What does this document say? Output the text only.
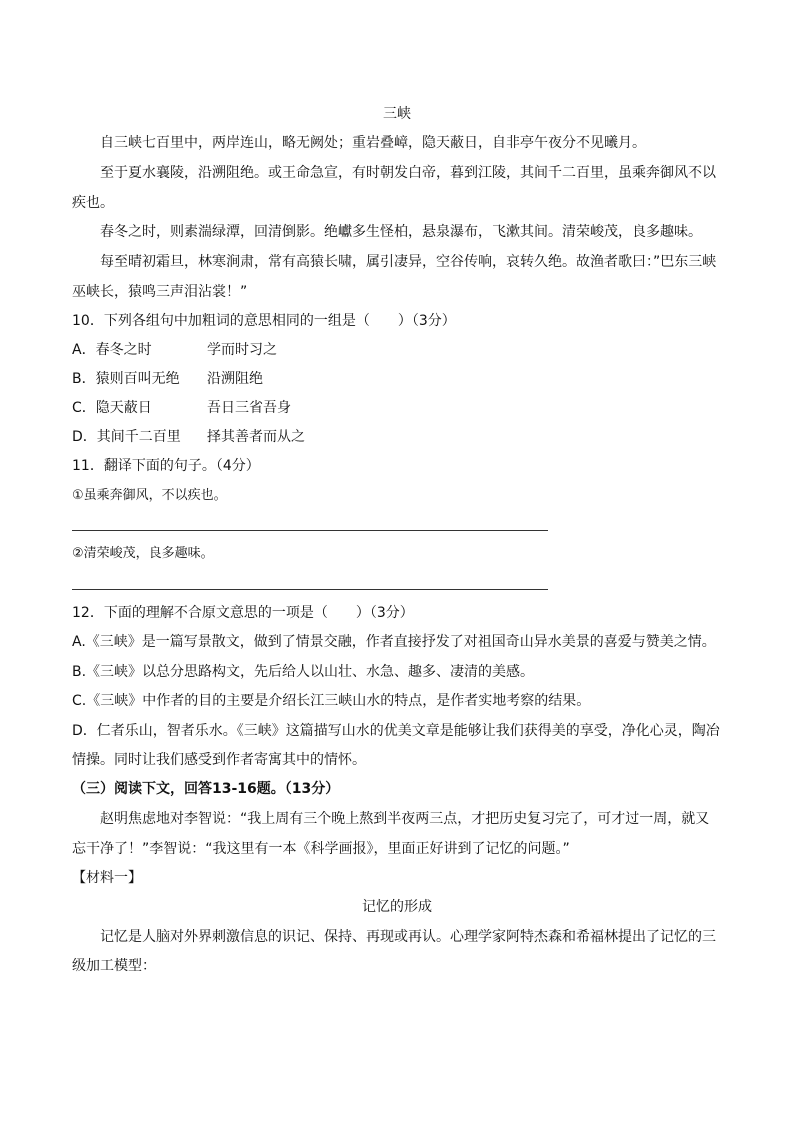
三峡
自三峡七百里中，两岸连山，略无阙处；重岩叠嶂，隐天蔽日，自非亭午夜分不见曦月。
至于夏水襄陵，沿溯阻绝。或王命急宣，有时朝发白帝，暮到江陵，其间千二百里，虽乘奔御风不以
疾也。
春冬之时，则素湍绿潭，回清倒影。绝巘多生怪柏，悬泉瀑布，飞漱其间。清荣峻茂，良多趣味。
每至晴初霜旦，林寒涧肃，常有高猿长啸，属引凄异，空谷传响，哀转久绝。故渔者歌曰：”巴东三峡
巫峡长，猿鸣三声泪沾裳！”
10．下列各组句中加粗词的意思相同的一组是（　　）（3分）
A．春冬之时	学而时习之
B．猿则百叫无绝 沿溯阻绝
C．隐天蔽日	吾日三省吾身
D．其间千二百里 择其善者而从之
11．翻译下面的句子。（4分）
①虽乘奔御风，不以疾也。
②清荣峻茂，良多趣味。
12．下面的理解不合原文意思的一项是（　　）（3分）
A.《三峡》是一篇写景散文，做到了情景交融，作者直接抒发了对祖国奇山异水美景的喜爱与赞美之情。
B.《三峡》以总分思路构文，先后给人以山壮、水急、趣多、凄清的美感。
C.《三峡》中作者的目的主要是介绍长江三峡山水的特点，是作者实地考察的结果。
D．仁者乐山，智者乐水。《三峡》这篇描写山水的优美文章是能够让我们获得美的享受，净化心灵，陶冶
情操。同时让我们感受到作者寄寓其中的情怀。
（三）阅读下文，回答13-16题。（13分）
赵明焦虑地对李智说：“我上周有三个晚上熬到半夜两三点，才把历史复习完了，可才过一周，就又
忘干净了！”李智说：“我这里有一本《科学画报》，里面正好讲到了记忆的问题。”
【材料一】
记忆的形成
记忆是人脑对外界刺激信息的识记、保持、再现或再认。心理学家阿特杰森和希福林提出了记忆的三
级加工模型：
